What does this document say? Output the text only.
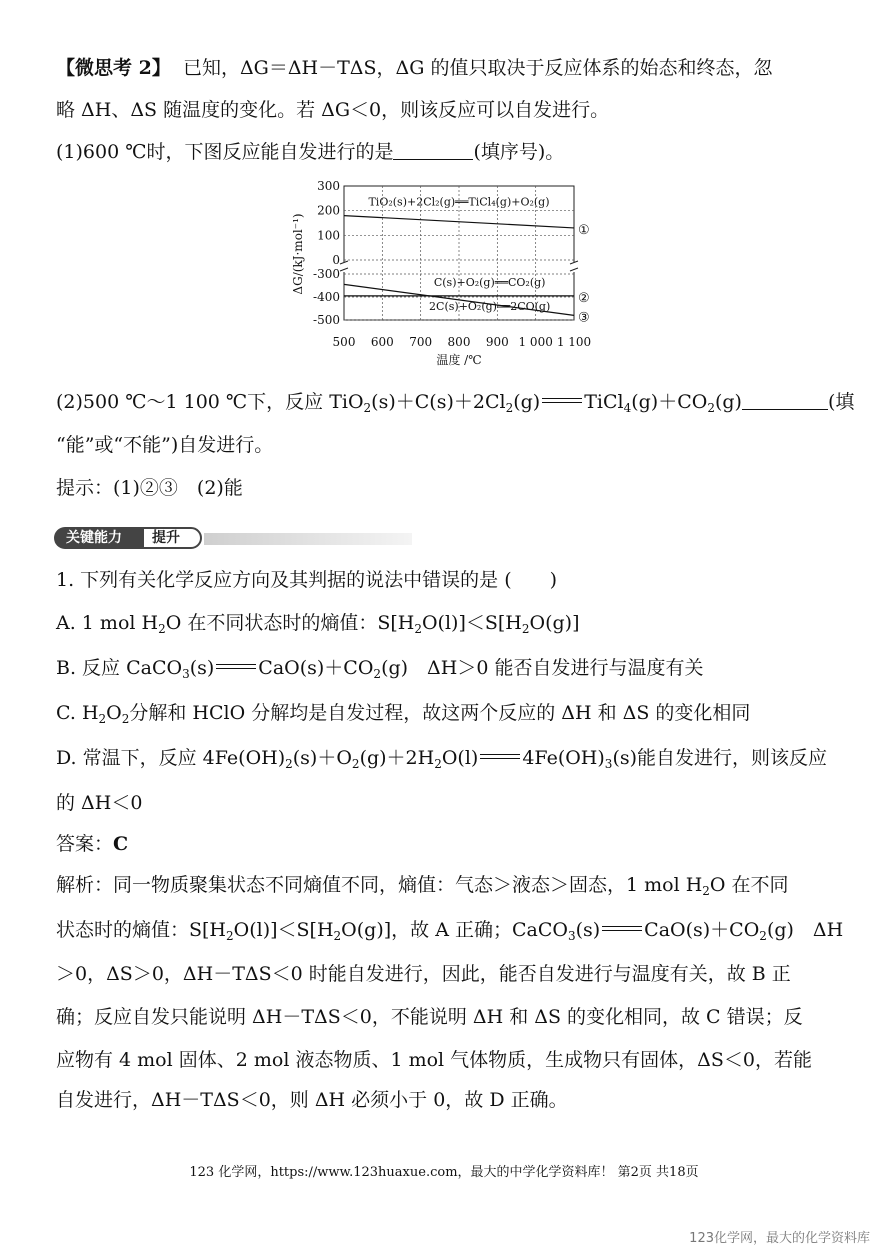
【微思考 2】 已知，ΔG＝ΔH－TΔS，ΔG 的值只取决于反应体系的始态和终态，忽
略 ΔH、ΔS 随温度的变化。若 ΔG＜0，则该反应可以自发进行。
(1)600 ℃时，下图反应能自发进行的是	(填序号)。
500 600 700 800 900 1 000 1 100
300
200
100
0
-300
-400
-500
TiO₂(s)+2Cl₂(g)══TiCl₄(g)+O₂(g)
①
C(s)+O₂(g)══CO₂(g)
②
2C(s)+O₂(g)══2CO(g)
③
ΔG/(kJ·mol⁻¹)
温度 /℃
(2)500 ℃～1 100 ℃下，反应 $TiO_2(s)+C(s)+2Cl_2(g)$ $TiCl_4(g)+CO_2(g)$	(填
“能”或“不能”)自发进行。
提示：(1)②③　(2)能
关键能力	提升
1. 下列有关化学反应方向及其判据的说法中错误的是 (　　)
A. 1 mol $H_2O$ 在不同状态时的熵值：$S[H_2O(l)]<S[H_2O(g)]$
B. 反应 CaCO$_3$(s) $CaO(s)+CO_2(g)$　ΔH＞0 能否自发进行与温度有关
C. $H_2O_2$分解和 HClO 分解均是自发过程，故这两个反应的 ΔH 和 ΔS 的变化相同
D. 常温下，反应 $4Fe(OH)_2(s)+O_2(g)+2H_2O(l)$ $4Fe(OH)_3(s)$能自发进行，则该反应
的 ΔH＜0
答案：C
解析：同一物质聚集状态不同熵值不同，熵值：气态＞液态＞固态，1 mol $H_2O$ 在不同
状态时的熵值：$S[H_2O(l)]<S[H_2O(g)]$，故 A 正确；CaCO$_3$(s) $CaO(s)+CO_2(g)$　ΔH
＞0，ΔS＞0，ΔH－TΔS＜0 时能自发进行，因此，能否自发进行与温度有关，故 B 正
确；反应自发只能说明 ΔH－TΔS＜0，不能说明 ΔH 和 ΔS 的变化相同，故 C 错误；反
应物有 4 mol 固体、2 mol 液态物质、1 mol 气体物质，生成物只有固体，ΔS＜0，若能
自发进行，ΔH－TΔS＜0，则 ΔH 必须小于 0，故 D 正确。
123 化学网，https://www.123huaxue.com，最大的中学化学资料库！ 第2页 共18页
123化学网，最大的化学资料库
